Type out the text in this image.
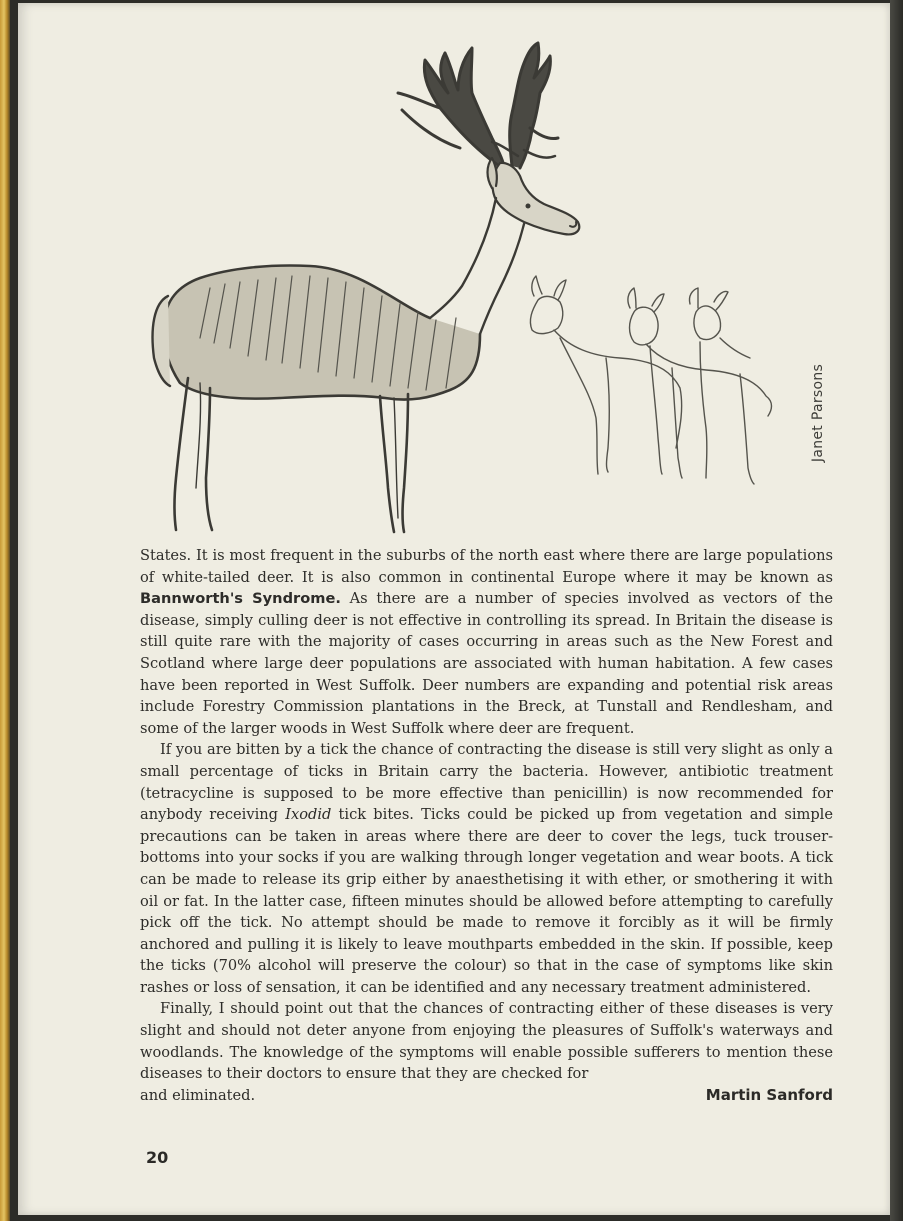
Janet Parsons

States. It is most frequent in the suburbs of the north east where there are large populations of white-tailed deer. It is also common in continental Europe where it may be known as Bannworth's Syndrome. As there are a number of species involved as vectors of the disease, simply culling deer is not effective in controlling its spread. In Britain the disease is still quite rare with the majority of cases occurring in areas such as the New Forest and Scotland where large deer populations are associated with human habitation. A few cases have been reported in West Suffolk. Deer numbers are expanding and potential risk areas include Forestry Commission plantations in the Breck, at Tunstall and Rendlesham, and some of the larger woods in West Suffolk where deer are frequent.

If you are bitten by a tick the chance of contracting the disease is still very slight as only a small percentage of ticks in Britain carry the bacteria. However, antibiotic treatment (tetracycline is supposed to be more effective than penicillin) is now recommended for anybody receiving Ixodid tick bites. Ticks could be picked up from vegetation and simple precautions can be taken in areas where there are deer to cover the legs, tuck trouser-bottoms into your socks if you are walking through longer vegetation and wear boots. A tick can be made to release its grip either by anaesthetising it with ether, or smothering it with oil or fat. In the latter case, fifteen minutes should be allowed before attempting to carefully pick off the tick. No attempt should be made to remove it forcibly as it will be firmly anchored and pulling it is likely to leave mouthparts embedded in the skin. If possible, keep the ticks (70% alcohol will preserve the colour) so that in the case of symptoms like skin rashes or loss of sensation, it can be identified and any necessary treatment administered.

Finally, I should point out that the chances of contracting either of these diseases is very slight and should not deter anyone from enjoying the pleasures of Suffolk's waterways and woodlands. The knowledge of the symptoms will enable possible sufferers to mention these diseases to their doctors to ensure that they are checked for

and eliminated.	Martin Sanford
20
